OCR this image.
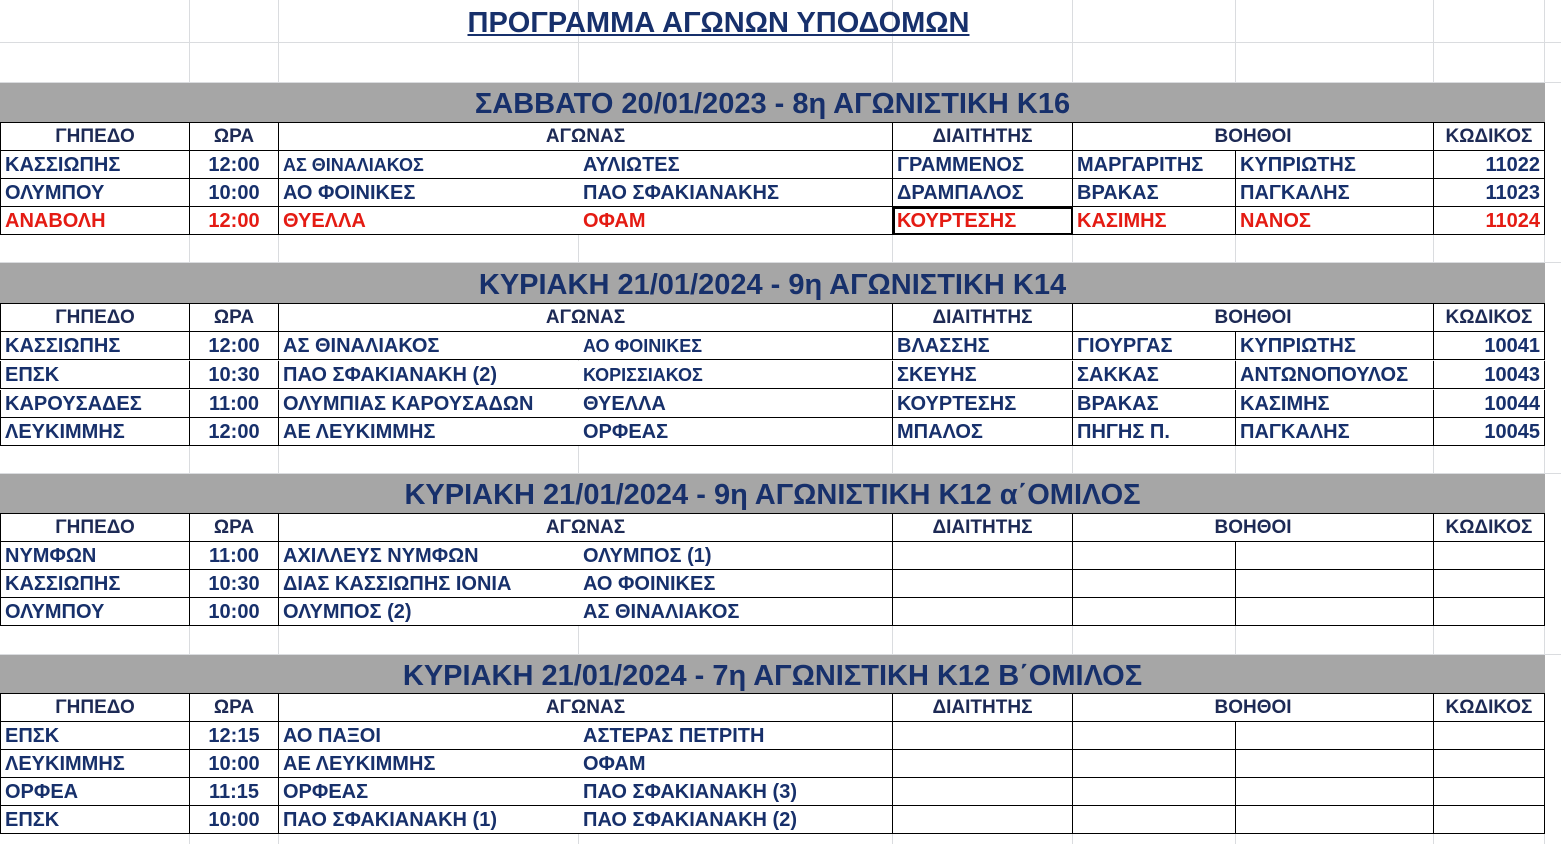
ΠΡΟΓΡΑΜΜΑ ΑΓΩΝΩΝ ΥΠΟΔΟΜΩΝ
ΣΑΒΒΑΤΟ 20/01/2023 - 8η ΑΓΩΝΙΣΤΙΚΗ Κ16
ΓΗΠΕΔΟ	ΩΡΑ	ΑΓΩΝΑΣ	ΔΙΑΙΤΗΤΗΣ	ΒΟΗΘΟΙ	ΚΩΔΙΚΟΣ
ΚΑΣΣΙΩΠΗΣ	12:00	ΑΣ ΘΙΝΑΛΙΑΚΟΣ	ΑΥΛΙΩΤΕΣ	ΓΡΑΜΜΕΝΟΣ	ΜΑΡΓΑΡΙΤΗΣ	ΚΥΠΡΙΩΤΗΣ	11022
ΟΛΥΜΠΟΥ	10:00	ΑΟ ΦΟΙΝΙΚΕΣ	ΠΑΟ ΣΦΑΚΙΑΝΑΚΗΣ	ΔΡΑΜΠΑΛΟΣ	ΒΡΑΚΑΣ	ΠΑΓΚΑΛΗΣ	11023
ΑΝΑΒΟΛΗ	12:00	ΘΥΕΛΛΑ	ΟΦΑΜ	ΚΟΥΡΤΕΣΗΣ	ΚΑΣΙΜΗΣ	ΝΑΝΟΣ	11024
ΚΥΡΙΑΚΗ 21/01/2024 - 9η ΑΓΩΝΙΣΤΙΚΗ Κ14
ΓΗΠΕΔΟ	ΩΡΑ	ΑΓΩΝΑΣ	ΔΙΑΙΤΗΤΗΣ	ΒΟΗΘΟΙ	ΚΩΔΙΚΟΣ
ΚΑΣΣΙΩΠΗΣ	12:00	ΑΣ ΘΙΝΑΛΙΑΚΟΣ	ΑΟ ΦΟΙΝΙΚΕΣ	ΒΛΑΣΣΗΣ	ΓΙΟΥΡΓΑΣ	ΚΥΠΡΙΩΤΗΣ	10041
ΕΠΣΚ	10:30	ΠΑΟ ΣΦΑΚΙΑΝΑΚΗ (2)	ΚΟΡΙΣΣΙΑΚΟΣ	ΣΚΕΥΗΣ	ΣΑΚΚΑΣ	ΑΝΤΩΝΟΠΟΥΛΟΣ	10043
ΚΑΡΟΥΣΑΔΕΣ	11:00	ΟΛΥΜΠΙΑΣ ΚΑΡΟΥΣΑΔΩΝ	ΘΥΕΛΛΑ	ΚΟΥΡΤΕΣΗΣ	ΒΡΑΚΑΣ	ΚΑΣΙΜΗΣ	10044
ΛΕΥΚΙΜΜΗΣ	12:00	ΑΕ ΛΕΥΚΙΜΜΗΣ	ΟΡΦΕΑΣ	ΜΠΑΛΟΣ	ΠΗΓΗΣ Π.	ΠΑΓΚΑΛΗΣ	10045
ΚΥΡΙΑΚΗ 21/01/2024 - 9η ΑΓΩΝΙΣΤΙΚΗ Κ12 α΄ΟΜΙΛΟΣ
ΓΗΠΕΔΟ	ΩΡΑ	ΑΓΩΝΑΣ	ΔΙΑΙΤΗΤΗΣ	ΒΟΗΘΟΙ	ΚΩΔΙΚΟΣ
ΝΥΜΦΩΝ	11:00	ΑΧΙΛΛΕΥΣ ΝΥΜΦΩΝ	ΟΛΥΜΠΟΣ (1)
ΚΑΣΣΙΩΠΗΣ	10:30	ΔΙΑΣ ΚΑΣΣΙΩΠΗΣ ΙΟΝΙΑ	ΑΟ ΦΟΙΝΙΚΕΣ
ΟΛΥΜΠΟΥ	10:00	ΟΛΥΜΠΟΣ (2)	ΑΣ ΘΙΝΑΛΙΑΚΟΣ
ΚΥΡΙΑΚΗ 21/01/2024 - 7η ΑΓΩΝΙΣΤΙΚΗ Κ12 Β΄ΟΜΙΛΟΣ
ΓΗΠΕΔΟ	ΩΡΑ	ΑΓΩΝΑΣ	ΔΙΑΙΤΗΤΗΣ	ΒΟΗΘΟΙ	ΚΩΔΙΚΟΣ
ΕΠΣΚ	12:15	ΑΟ ΠΑΞΟΙ	ΑΣΤΕΡΑΣ ΠΕΤΡΙΤΗ
ΛΕΥΚΙΜΜΗΣ	10:00	ΑΕ ΛΕΥΚΙΜΜΗΣ	ΟΦΑΜ
ΟΡΦΕΑ	11:15	ΟΡΦΕΑΣ	ΠΑΟ ΣΦΑΚΙΑΝΑΚΗ (3)
ΕΠΣΚ	10:00	ΠΑΟ ΣΦΑΚΙΑΝΑΚΗ (1)	ΠΑΟ ΣΦΑΚΙΑΝΑΚΗ (2)
